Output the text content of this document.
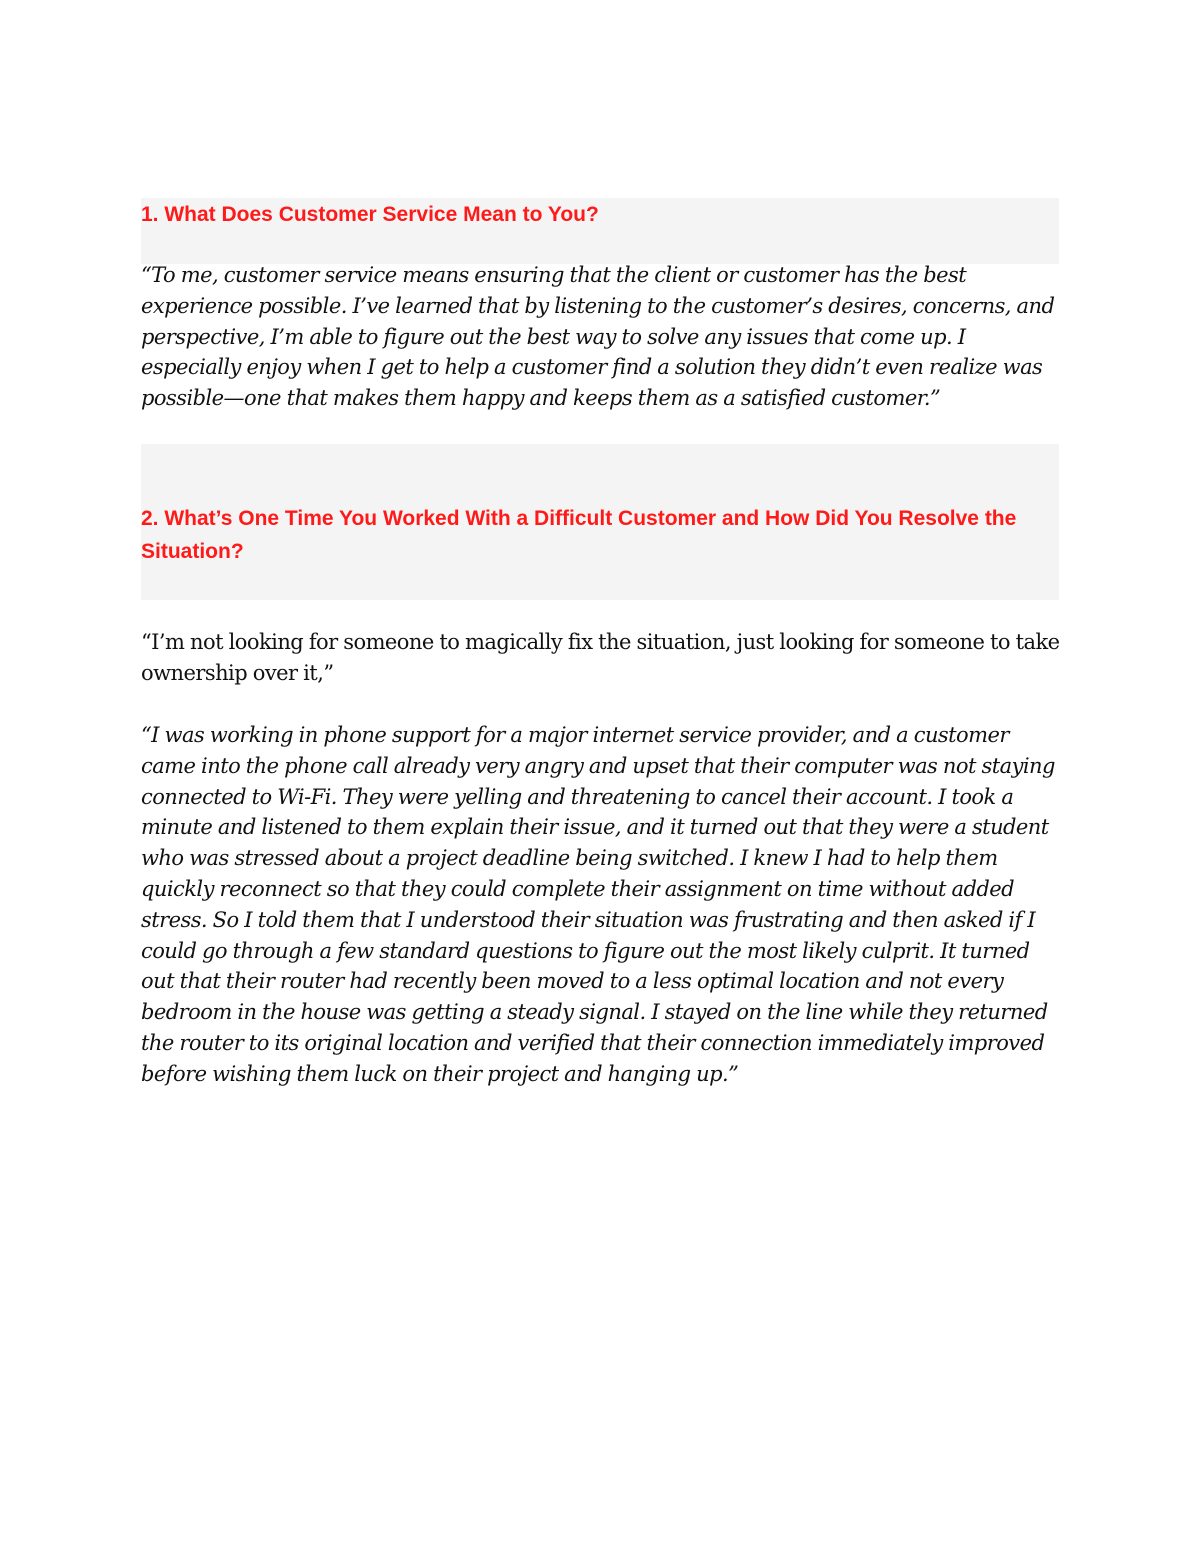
1. What Does Customer Service Mean to You?

“To me, customer service means ensuring that the client or customer has the best experience possible. I’ve learned that by listening to the customer’s desires, concerns, and perspective, I’m able to figure out the best way to solve any issues that come up. I especially enjoy when I get to help a customer find a solution they didn’t even realize was possible—one that makes them happy and keeps them as a satisfied customer.”

2. What’s One Time You Worked With a Difficult Customer and How Did You Resolve the Situation?

“I’m not looking for someone to magically fix the situation, just looking for someone to take ownership over it,”

“I was working in phone support for a major internet service provider, and a customer came into the phone call already very angry and upset that their computer was not staying connected to Wi-Fi. They were yelling and threatening to cancel their account. I took a minute and listened to them explain their issue, and it turned out that they were a student who was stressed about a project deadline being switched. I knew I had to help them quickly reconnect so that they could complete their assignment on time without added stress. So I told them that I understood their situation was frustrating and then asked if I could go through a few standard questions to figure out the most likely culprit. It turned out that their router had recently been moved to a less optimal location and not every bedroom in the house was getting a steady signal. I stayed on the line while they returned the router to its original location and verified that their connection immediately improved before wishing them luck on their project and hanging up.”
